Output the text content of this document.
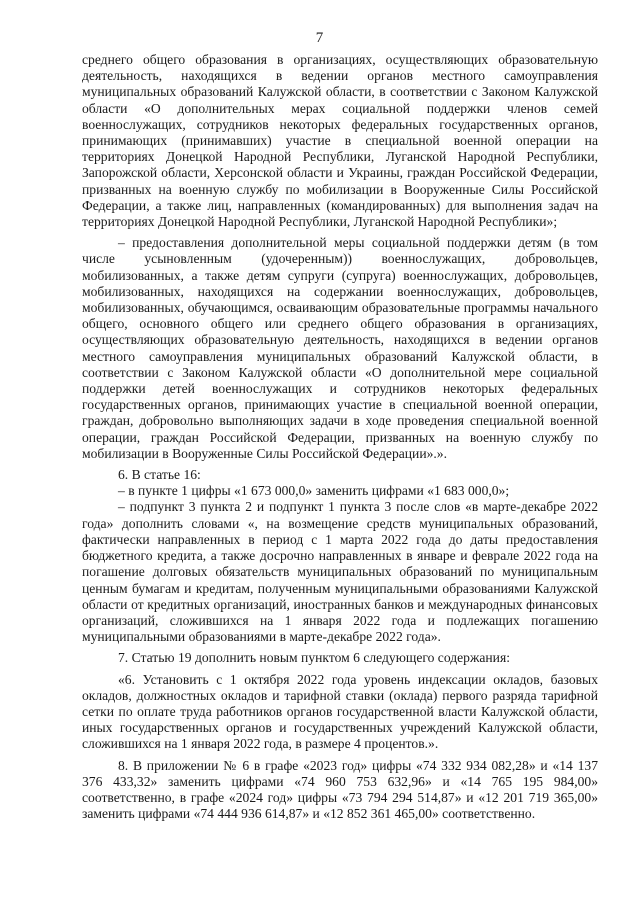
7

среднего общего образования в организациях, осуществляющих образовательную деятельность, находящихся в ведении органов местного самоуправления муниципальных образований Калужской области, в соответствии с Законом Калужской области «О дополнительных мерах социальной поддержки членов семей военнослужащих, сотрудников некоторых федеральных государственных органов, принимающих (принимавших) участие в специальной военной операции на территориях Донецкой Народной Республики, Луганской Народной Республики, Запорожской области, Херсонской области и Украины, граждан Российской Федерации, призванных на военную службу по мобилизации в Вооруженные Силы Российской Федерации, а также лиц, направленных (командированных) для выполнения задач на территориях Донецкой Народной Республики, Луганской Народной Республики»;

– предоставления дополнительной меры социальной поддержки детям (в том числе усыновленным (удочеренным)) военнослужащих, добровольцев, мобилизованных, а также детям супруги (супруга) военнослужащих, добровольцев, мобилизованных, находящихся на содержании военнослужащих, добровольцев, мобилизованных, обучающимся, осваивающим образовательные программы начального общего, основного общего или среднего общего образования в организациях, осуществляющих образовательную деятельность, находящихся в ведении органов местного самоуправления муниципальных образований Калужской области, в соответствии с Законом Калужской области «О дополнительной мере социальной поддержки детей военнослужащих и сотрудников некоторых федеральных государственных органов, принимающих участие в специальной военной операции, граждан, добровольно выполняющих задачи в ходе проведения специальной военной операции, граждан Российской Федерации, призванных на военную службу по мобилизации в Вооруженные Силы Российской Федерации».».

6. В статье 16:

– в пункте 1 цифры «1 673 000,0» заменить цифрами «1 683 000,0»;

– подпункт 3 пункта 2 и подпункт 1 пункта 3 после слов «в марте-декабре 2022 года» дополнить словами «, на возмещение средств муниципальных образований, фактически направленных в период с 1 марта 2022 года до даты предоставления бюджетного кредита, а также досрочно направленных в январе и феврале 2022 года на погашение долговых обязательств муниципальных образований по муниципальным ценным бумагам и кредитам, полученным муниципальными образованиями Калужской области от кредитных организаций, иностранных банков и международных финансовых организаций, сложившихся на 1 января 2022 года и подлежащих погашению муниципальными образованиями в марте-декабре 2022 года».

7. Статью 19 дополнить новым пунктом 6 следующего содержания:

«6. Установить с 1 октября 2022 года уровень индексации окладов, базовых окладов, должностных окладов и тарифной ставки (оклада) первого разряда тарифной сетки по оплате труда работников органов государственной власти Калужской области, иных государственных органов и государственных учреждений Калужской области, сложившихся на 1 января 2022 года, в размере 4 процентов.».

8. В приложении № 6 в графе «2023 год» цифры «74 332 934 082,28» и «14 137 376 433,32» заменить цифрами «74 960 753 632,96» и «14 765 195 984,00» соответственно, в графе «2024 год» цифры «73 794 294 514,87» и «12 201 719 365,00» заменить цифрами «74 444 936 614,87» и «12 852 361 465,00» соответственно.
